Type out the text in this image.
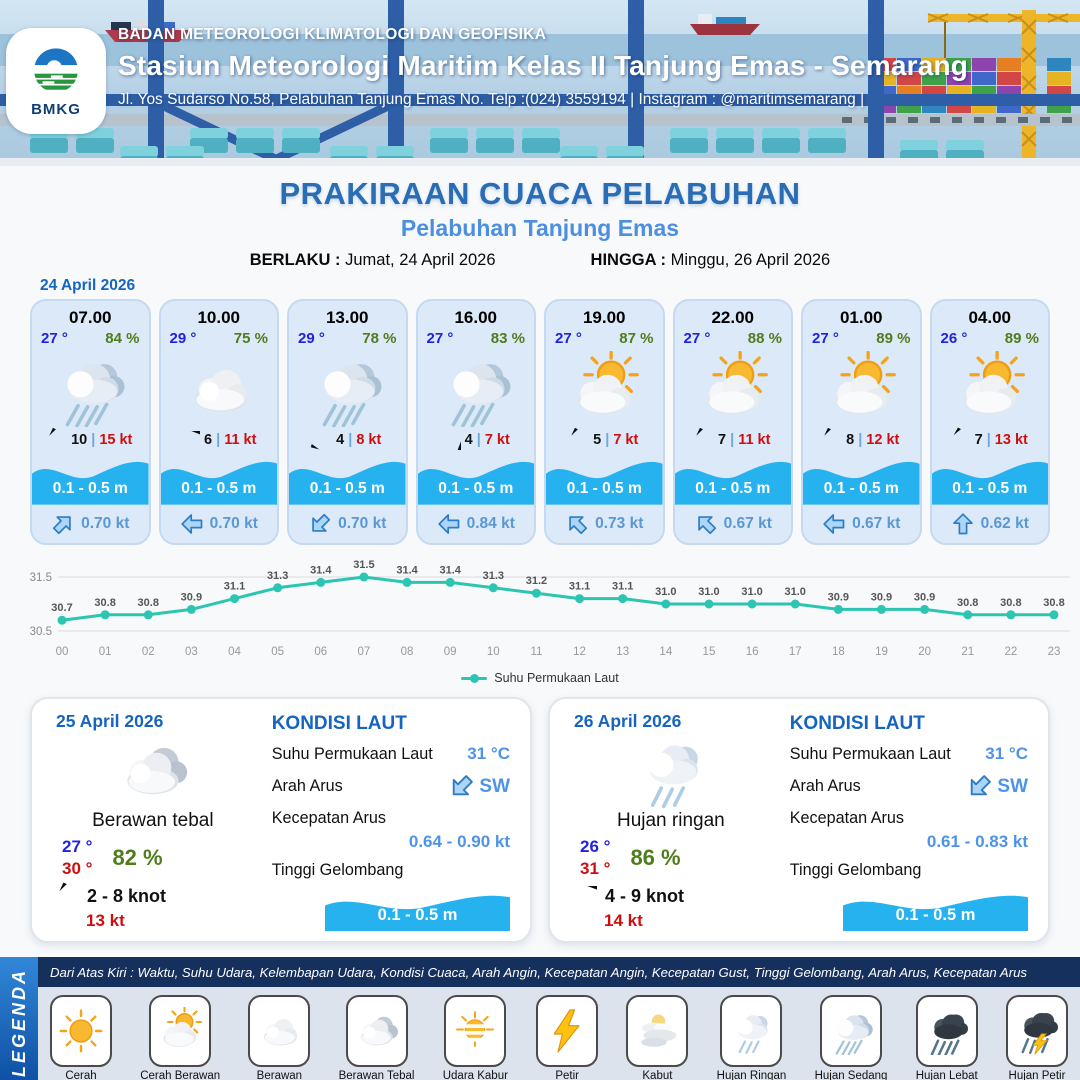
BMKG
BADAN METEOROLOGI KLIMATOLOGI DAN GEOFISIKA
Stasiun Meteorologi Maritim Kelas II Tanjung Emas - Semarang
Jl. Yos Sudarso No.58, Pelabuhan Tanjung Emas No. Telp :(024) 3559194 | Instagram : @maritimsemarang |
PRAKIRAAN CUACA PELABUHAN
Pelabuhan Tanjung Emas
BERLAKU : Jumat, 24 April 2026	HINGGA : Minggu, 26 April 2026
24 April 2026
07.00
27 ° 84 %
10 | 15 kt
0.1 - 0.5 m
0.70 kt
10.00
29 ° 75 %
6 | 11 kt
0.1 - 0.5 m
0.70 kt
13.00
29 ° 78 %
4 | 8 kt
0.1 - 0.5 m
0.70 kt
16.00
27 ° 83 %
4 | 7 kt
0.1 - 0.5 m
0.84 kt
19.00
27 ° 87 %
5 | 7 kt
0.1 - 0.5 m
0.73 kt
22.00
27 ° 88 %
7 | 11 kt
0.1 - 0.5 m
0.67 kt
01.00
27 ° 89 %
8 | 12 kt
0.1 - 0.5 m
0.67 kt
04.00
26 ° 89 %
7 | 13 kt
0.1 - 0.5 m
0.62 kt
31.5
30.5
30.7
00
30.8
01
30.8
02
30.9
03
31.1
04
31.3
05
31.4
06
31.5
07
31.4
08
31.4
09
31.3
10
31.2
11
31.1
12
31.1
13
31.0
14
31.0
15
31.0
16
31.0
17
30.9
18
30.9
19
30.9
20
30.8
21
30.8
22
30.8
23
Suhu Permukaan Laut
25 April 2026
Berawan tebal
27 °
30 ° 82 %
2 - 8 knot
13 kt
KONDISI LAUT
Suhu Permukaan Laut 31 °C
Arah Arus	SW
Kecepatan Arus
0.64 - 0.90 kt
Tinggi Gelombang
0.1 - 0.5 m
26 April 2026
Hujan ringan
26 °
31 ° 86 %
4 - 9 knot
14 kt
KONDISI LAUT
Suhu Permukaan Laut 31 °C
Arah Arus	SW
Kecepatan Arus
0.61 - 0.83 kt
Tinggi Gelombang
0.1 - 0.5 m
LEGENDA	Dari Atas Kiri : Waktu, Suhu Udara, Kelembapan Udara, Kondisi Cuaca, Arah Angin, Kecepatan Angin, Kecepatan Gust, Tinggi Gelombang, Arah Arus, Kecepatan Arus
Cerah	Cerah Berawan	Berawan	Berawan Tebal Udara Kabur	Petir	Kabut	Hujan Ringan Hujan Sedang Hujan Lebat	Hujan Petir
